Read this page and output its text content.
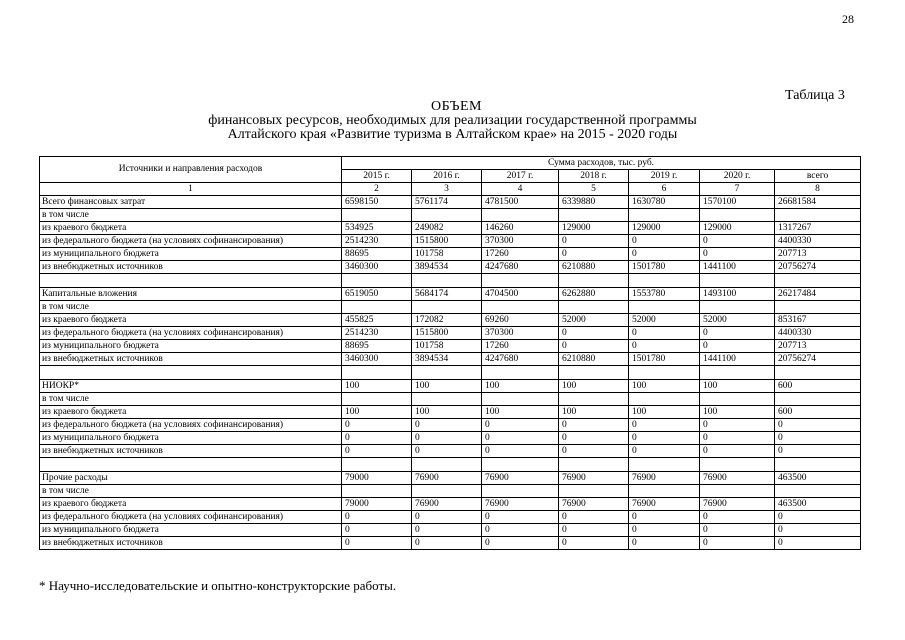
28
Таблица 3
ОБЪЕМ
финансовых ресурсов, необходимых для реализации государственной программы
Алтайского края «Развитие туризма в Алтайском крае» на 2015 - 2020 годы
Источники и направления расходов	Сумма расходов, тыс. руб.						
	2015 г.	2016 г.	2017 г.	2018 г.	2019 г.	2020 г.	всего
1	2	3	4	5	6	7	8
Всего финансовых затрат	6598150	5761174	4781500	6339880	1630780	1570100	26681584
в том числе							
из краевого бюджета	534925	249082	146260	129000	129000	129000	1317267
из федерального бюджета (на условиях софинансирования)	2514230	1515800	370300	0	0	0	4400330
из муниципального бюджета	88695	101758	17260	0	0	0	207713
из внебюджетных источников	3460300	3894534	4247680	6210880	1501780	1441100	20756274

Капитальные вложения	6519050	5684174	4704500	6262880	1553780	1493100	26217484
в том числе							
из краевого бюджета	455825	172082	69260	52000	52000	52000	853167
из федерального бюджета (на условиях софинансирования)	2514230	1515800	370300	0	0	0	4400330
из муниципального бюджета	88695	101758	17260	0	0	0	207713
из внебюджетных источников	3460300	3894534	4247680	6210880	1501780	1441100	20756274

НИОКР*	100	100	100	100	100	100	600
в том числе							
из краевого бюджета	100	100	100	100	100	100	600
из федерального бюджета (на условиях софинансирования)	0	0	0	0	0	0	0
из муниципального бюджета	0	0	0	0	0	0	0
из внебюджетных источников	0	0	0	0	0	0	0

Прочие расходы	79000	76900	76900	76900	76900	76900	463500
в том числе							
из краевого бюджета	79000	76900	76900	76900	76900	76900	463500
из федерального бюджета (на условиях софинансирования)	0	0	0	0	0	0	0
из муниципального бюджета	0	0	0	0	0	0	0
из внебюджетных источников	0	0	0	0	0	0	0
* Научно-исследовательские и опытно-конструкторские работы.
